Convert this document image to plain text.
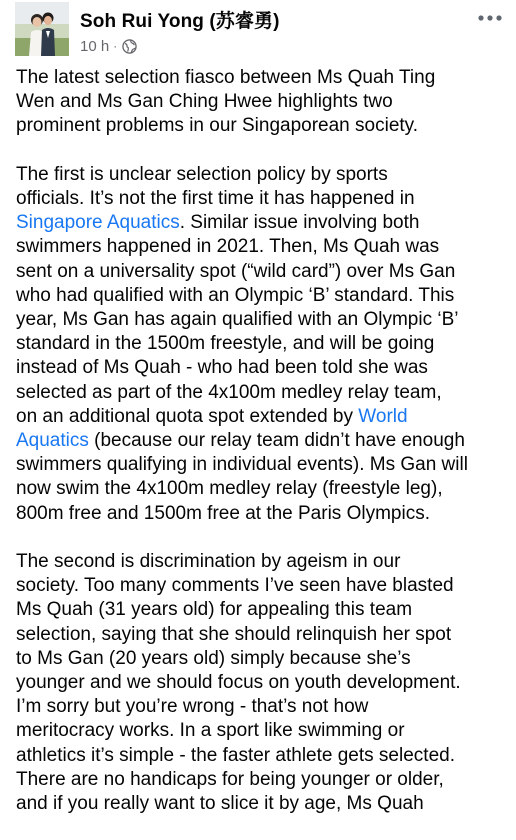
Soh Rui Yong (苏睿勇)
10 h ·

The latest selection fiasco between Ms Quah Ting
Wen and Ms Gan Ching Hwee highlights two
prominent problems in our Singaporean society.

The first is unclear selection policy by sports
officials. It’s not the first time it has happened in
Singapore Aquatics. Similar issue involving both
swimmers happened in 2021. Then, Ms Quah was
sent on a universality spot (“wild card”) over Ms Gan
who had qualified with an Olympic ‘B’ standard. This
year, Ms Gan has again qualified with an Olympic ‘B’
standard in the 1500m freestyle, and will be going
instead of Ms Quah - who had been told she was
selected as part of the 4x100m medley relay team,
on an additional quota spot extended by World
Aquatics (because our relay team didn’t have enough
swimmers qualifying in individual events). Ms Gan will
now swim the 4x100m medley relay (freestyle leg),
800m free and 1500m free at the Paris Olympics.

The second is discrimination by ageism in our
society. Too many comments I’ve seen have blasted
Ms Quah (31 years old) for appealing this team
selection, saying that she should relinquish her spot
to Ms Gan (20 years old) simply because she’s
younger and we should focus on youth development.
I’m sorry but you’re wrong - that’s not how
meritocracy works. In a sport like swimming or
athletics it’s simple - the faster athlete gets selected.
There are no handicaps for being younger or older,
and if you really want to slice it by age, Ms Quah
